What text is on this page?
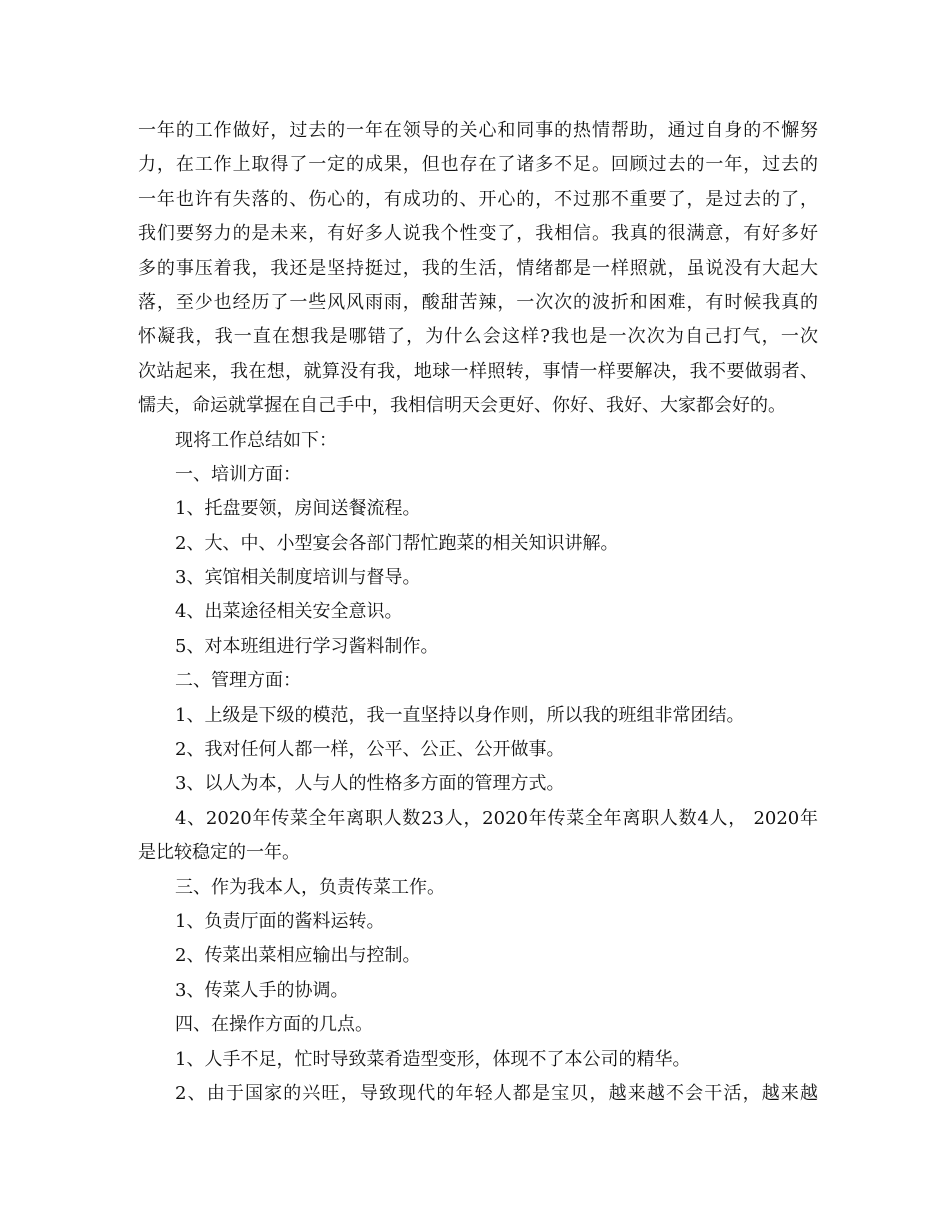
一年的工作做好，过去的一年在领导的关心和同事的热情帮助，通过自身的不懈努
力，在工作上取得了一定的成果，但也存在了诸多不足。回顾过去的一年，过去的
一年也许有失落的、伤心的，有成功的、开心的，不过那不重要了，是过去的了，
我们要努力的是未来，有好多人说我个性变了，我相信。我真的很满意，有好多好
多的事压着我，我还是坚持挺过，我的生活，情绪都是一样照就，虽说没有大起大
落，至少也经历了一些风风雨雨，酸甜苦辣，一次次的波折和困难，有时候我真的
怀凝我，我一直在想我是哪错了，为什么会这样?我也是一次次为自己打气，一次
次站起来，我在想，就算没有我，地球一样照转，事情一样要解决，我不要做弱者、
懦夫，命运就掌握在自己手中，我相信明天会更好、你好、我好、大家都会好的。
现将工作总结如下：
一、培训方面：
1、托盘要领，房间送餐流程。
2、大、中、小型宴会各部门帮忙跑菜的相关知识讲解。
3、宾馆相关制度培训与督导。
4、出菜途径相关安全意识。
5、对本班组进行学习酱料制作。
二、管理方面：
1、上级是下级的模范，我一直坚持以身作则，所以我的班组非常团结。
2、我对任何人都一样，公平、公正、公开做事。
3、以人为本，人与人的性格多方面的管理方式。
4、2020年传菜全年离职人数23人，2020年传菜全年离职人数4人， 2020年
是比较稳定的一年。
三、作为我本人，负责传菜工作。
1、负责厅面的酱料运转。
2、传菜出菜相应输出与控制。
3、传菜人手的协调。
四、在操作方面的几点。
1、人手不足，忙时导致菜肴造型变形，体现不了本公司的精华。
2、由于国家的兴旺，导致现代的年轻人都是宝贝，越来越不会干活，越来越
